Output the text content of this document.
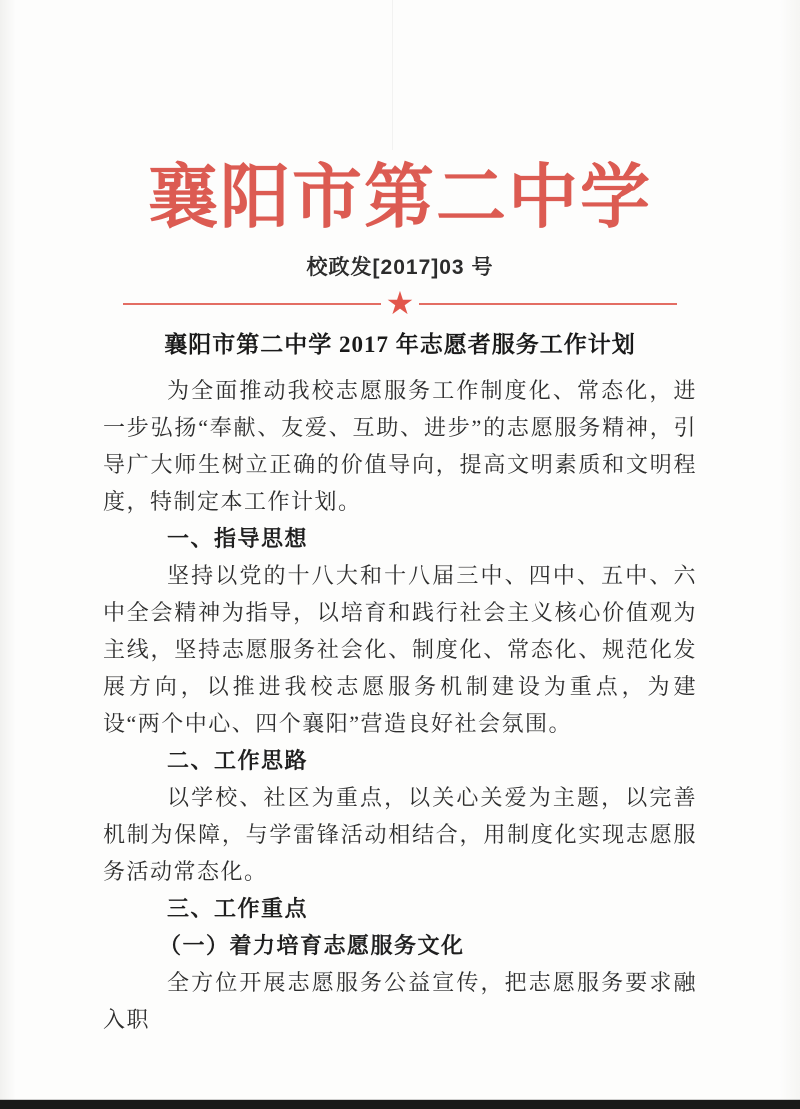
襄阳市第二中学
校政发[2017]03 号
★
襄阳市第二中学 2017 年志愿者服务工作计划

为全面推动我校志愿服务工作制度化、常态化，进一步弘扬“奉献、友爱、互助、进步”的志愿服务精神，引导广大师生树立正确的价值导向，提高文明素质和文明程度，特制定本工作计划。

一、指导思想

坚持以党的十八大和十八届三中、四中、五中、六中全会精神为指导，以培育和践行社会主义核心价值观为主线，坚持志愿服务社会化、制度化、常态化、规范化发展方向，以推进我校志愿服务机制建设为重点，为建设“两个中心、四个襄阳”营造良好社会氛围。

二、工作思路

以学校、社区为重点，以关心关爱为主题，以完善机制为保障，与学雷锋活动相结合，用制度化实现志愿服务活动常态化。

三、工作重点

（一）着力培育志愿服务文化

全方位开展志愿服务公益宣传，把志愿服务要求融入职
